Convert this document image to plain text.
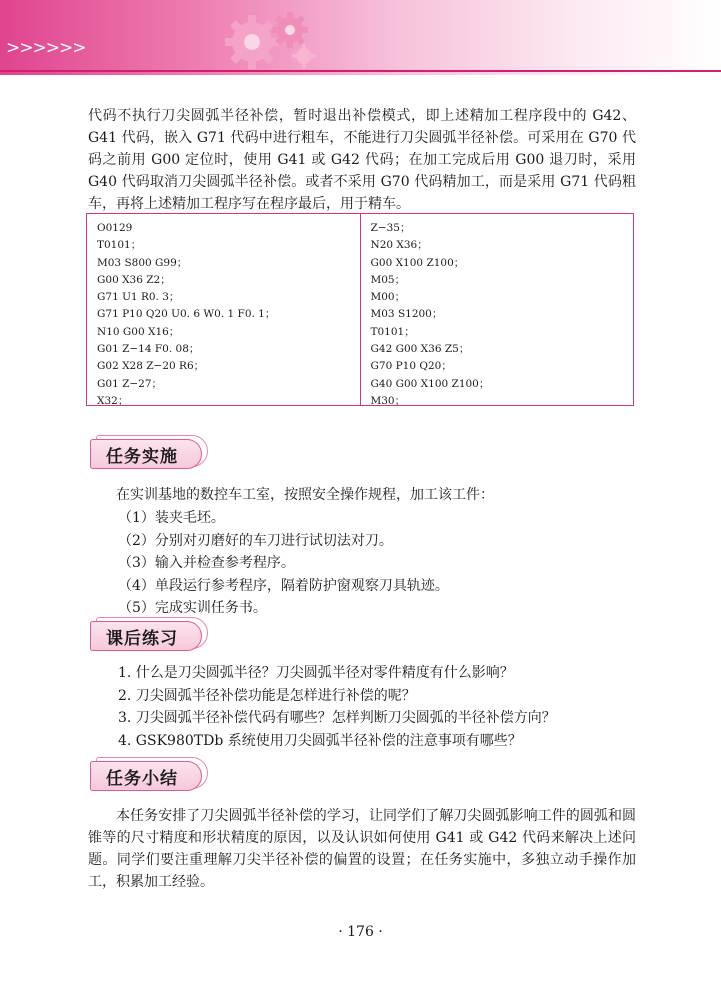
>>>>>>

代码不执行刀尖圆弧半径补偿，暂时退出补偿模式，即上述精加工程序段中的 G42、G41 代码，嵌入 G71 代码中进行粗车，不能进行刀尖圆弧半径补偿。可采用在 G70 代码之前用 G00 定位时，使用 G41 或 G42 代码；在加工完成后用 G00 退刀时，采用 G40 代码取消刀尖圆弧半径补偿。或者不采用 G70 代码精加工，而是采用 G71 代码粗车，再将上述精加工程序写在程序最后，用于精车。

O0129
T0101；
M03 S800 G99；
G00 X36 Z2；
G71 U1 R0. 3；
G71 P10 Q20 U0. 6 W0. 1 F0. 1；
N10 G00 X16；
G01 Z−14 F0. 08；
G02 X28 Z−20 R6；
G01 Z−27；
X32；
Z−35；
N20 X36；
G00 X100 Z100；
M05；
M00；
M03 S1200；
T0101；
G42 G00 X36 Z5；
G70 P10 Q20；
G40 G00 X100 Z100；
M30；
任务实施

在实训基地的数控车工室，按照安全操作规程，加工该工件：

（1）装夹毛坯。
（2）分别对刃磨好的车刀进行试切法对刀。
（3）输入并检查参考程序。
（4）单段运行参考程序，隔着防护窗观察刀具轨迹。
（5）完成实训任务书。
课后练习
1. 什么是刀尖圆弧半径？刀尖圆弧半径对零件精度有什么影响？
2. 刀尖圆弧半径补偿功能是怎样进行补偿的呢？
3. 刀尖圆弧半径补偿代码有哪些？怎样判断刀尖圆弧的半径补偿方向？
4. GSK980TDb 系统使用刀尖圆弧半径补偿的注意事项有哪些？
任务小结

本任务安排了刀尖圆弧半径补偿的学习，让同学们了解刀尖圆弧影响工件的圆弧和圆锥等的尺寸精度和形状精度的原因，以及认识如何使用 G41 或 G42 代码来解决上述问题。同学们要注重理解刀尖半径补偿的偏置的设置；在任务实施中，多独立动手操作加工，积累加工经验。

· 176 ·
